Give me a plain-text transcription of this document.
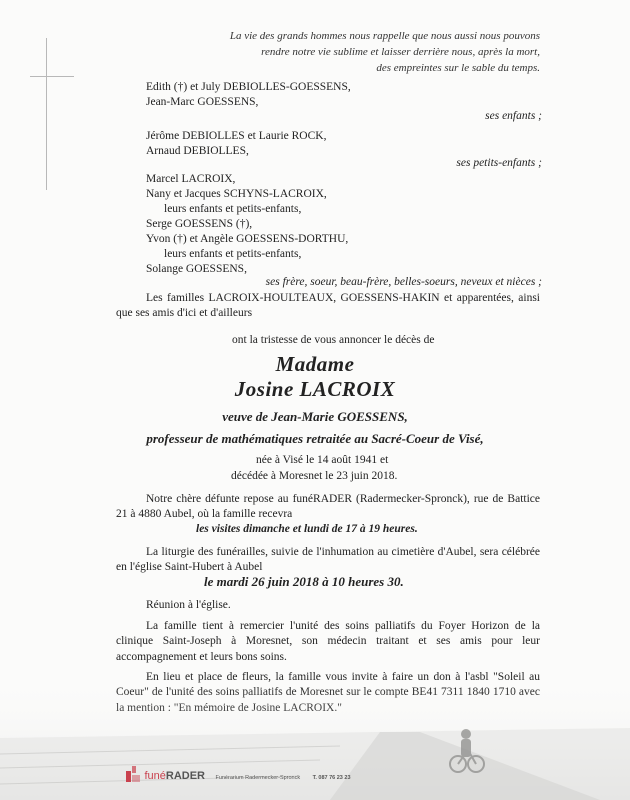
La vie des grands hommes nous rappelle que nous aussi nous pouvons
rendre notre vie sublime et laisser derrière nous, après la mort,
des empreintes sur le sable du temps.
Edith (†) et July DEBIOLLES-GOESSENS,
Jean-Marc GOESSENS,
ses enfants ;
Jérôme DEBIOLLES et Laurie ROCK,
Arnaud DEBIOLLES,
ses petits-enfants ;
Marcel LACROIX,
Nany et Jacques SCHYNS-LACROIX,
leurs enfants et petits-enfants,
Serge GOESSENS (†),
Yvon (†) et Angèle GOESSENS-DORTHU,
leurs enfants et petits-enfants,
Solange GOESSENS,
ses frère, soeur, beau-frère, belles-soeurs, neveux et nièces ;
Les familles LACROIX-HOULTEAUX, GOESSENS-HAKIN et apparentées, ainsi que ses amis d'ici et d'ailleurs
ont la tristesse de vous annoncer le décès de
Madame
Josine LACROIX
veuve de Jean-Marie GOESSENS,
professeur de mathématiques retraitée au Sacré-Coeur de Visé,
née à Visé le 14 août 1941 et
décédée à Moresnet le 23 juin 2018.
Notre chère défunte repose au funéRADER (Radermecker-Spronck), rue de Battice 21 à 4880 Aubel, où la famille recevra
les visites dimanche et lundi de 17 à 19 heures.
La liturgie des funérailles, suivie de l'inhumation au cimetière d'Aubel, sera célébrée en l'église Saint-Hubert à Aubel
le mardi 26 juin 2018 à 10 heures 30.
Réunion à l'église.
La famille tient à remercier l'unité des soins palliatifs du Foyer Horizon de la clinique Saint-Joseph à Moresnet, son médecin traitant et ses amis pour leur accompagnement et leurs bons soins.
funéRADER Funérarium Radermecker-Spronck T. 087 76 23 23
